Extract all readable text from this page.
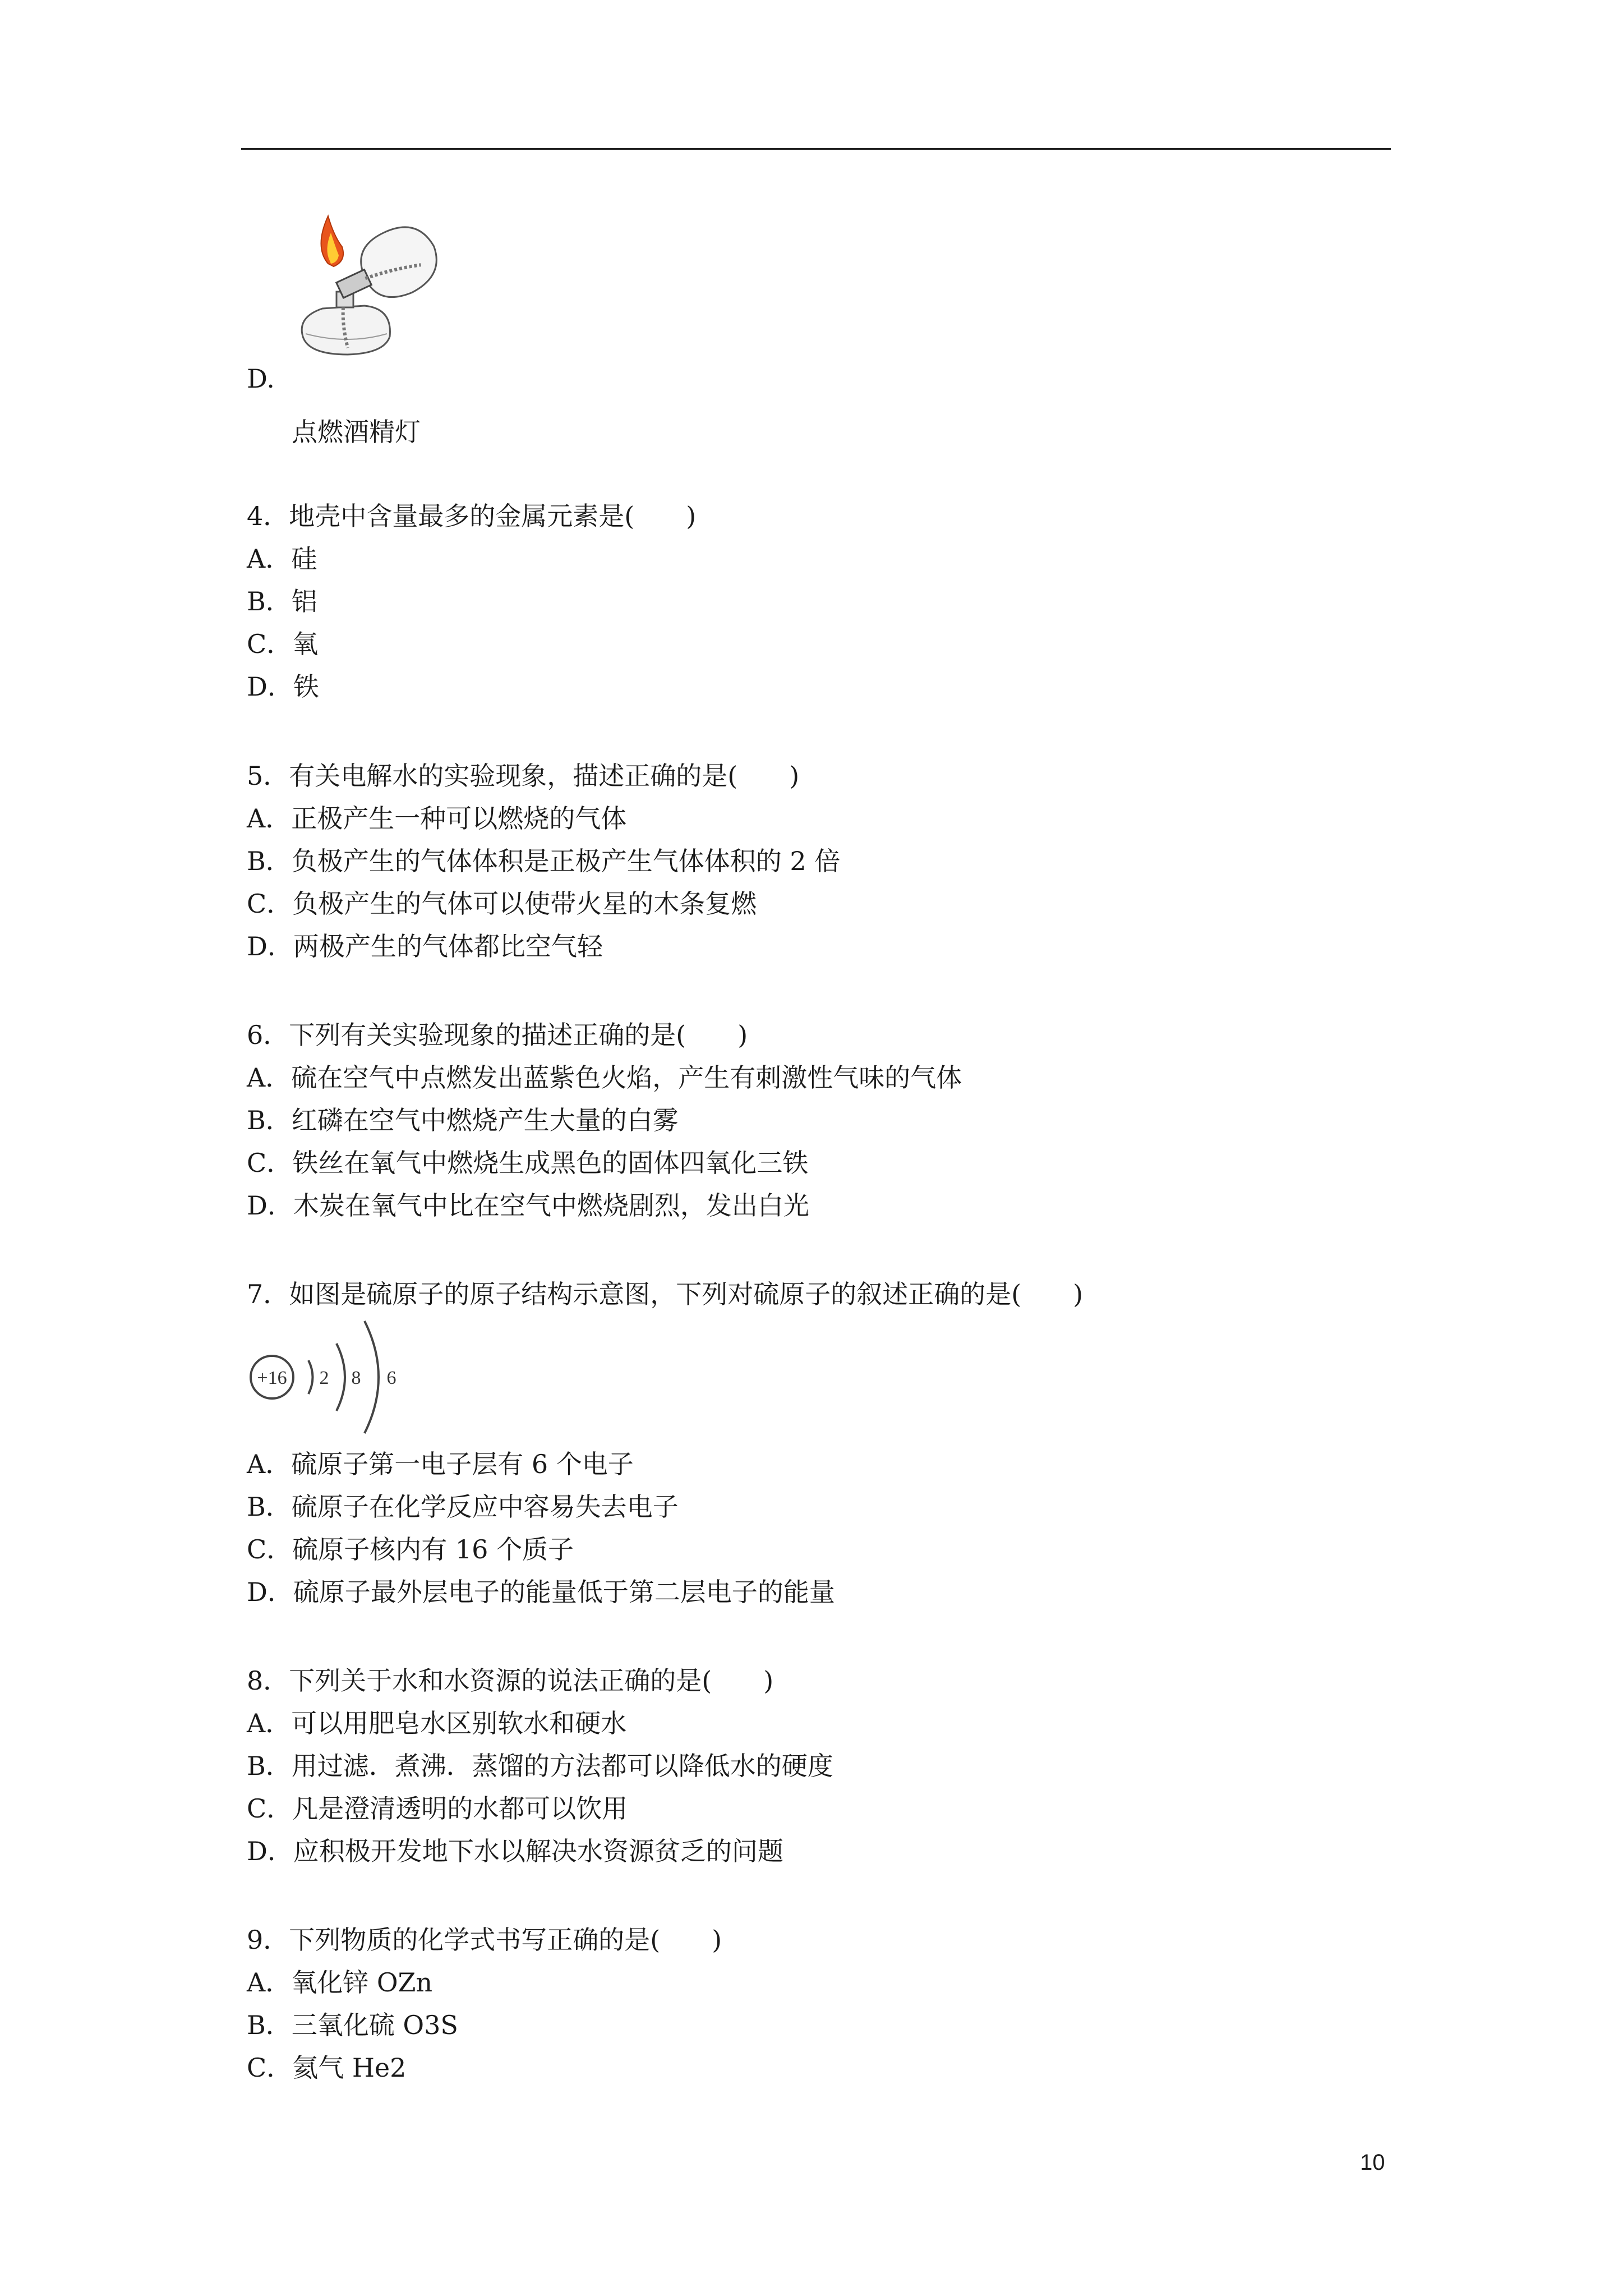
D.
点燃酒精灯
4．地壳中含量最多的金属元素是(　　)
A．硅
B．铝
C．氧
D．铁
5．有关电解水的实验现象，描述正确的是(　　)
A．正极产生一种可以燃烧的气体
B．负极产生的气体体积是正极产生气体体积的 2 倍
C．负极产生的气体可以使带火星的木条复燃
D．两极产生的气体都比空气轻
6．下列有关实验现象的描述正确的是(　　)
A．硫在空气中点燃发出蓝紫色火焰，产生有刺激性气味的气体
B．红磷在空气中燃烧产生大量的白雾
C．铁丝在氧气中燃烧生成黑色的固体四氧化三铁
D．木炭在氧气中比在空气中燃烧剧烈，发出白光
7．如图是硫原子的原子结构示意图，下列对硫原子的叙述正确的是(　　)
+16 2 8 6
A．硫原子第一电子层有 6 个电子
B．硫原子在化学反应中容易失去电子
C．硫原子核内有 16 个质子
D．硫原子最外层电子的能量低于第二层电子的能量
8．下列关于水和水资源的说法正确的是(　　)
A．可以用肥皂水区别软水和硬水
B．用过滤．煮沸．蒸馏的方法都可以降低水的硬度
C．凡是澄清透明的水都可以饮用
D．应积极开发地下水以解决水资源贫乏的问题
9．下列物质的化学式书写正确的是(　　)
A．氧化锌 OZn
B．三氧化硫 O3S
C．氦气 He2
10
